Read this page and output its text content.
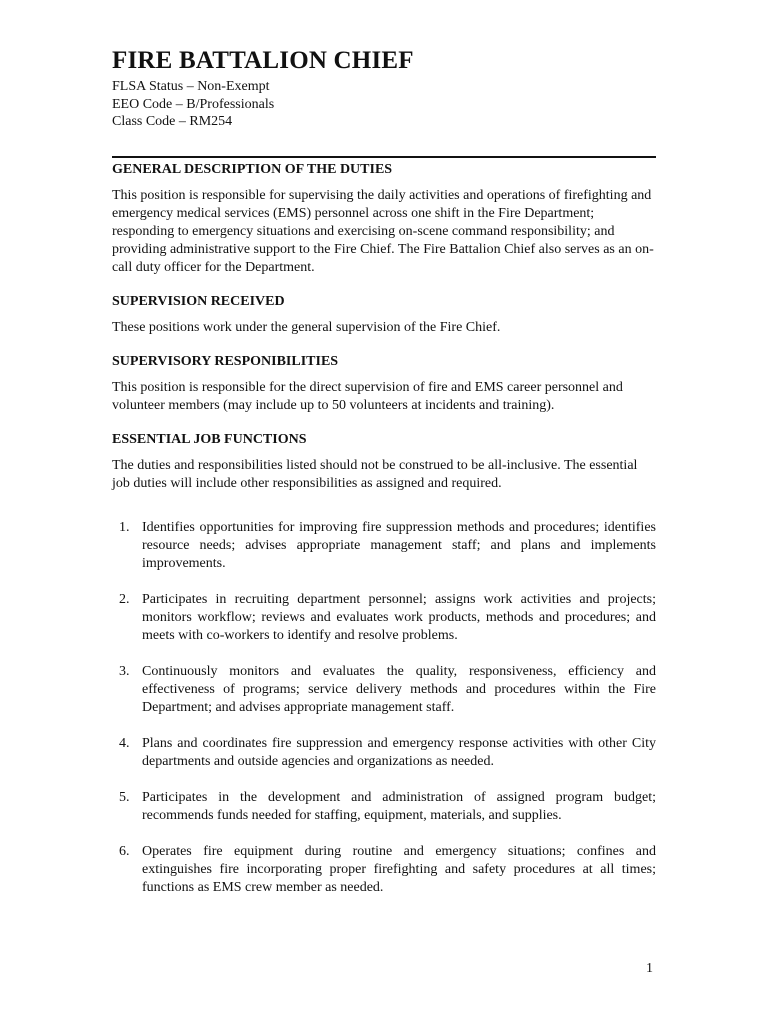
FIRE BATTALION CHIEF

FLSA Status – Non-Exempt

EEO Code – B/Professionals

Class Code – RM254

GENERAL DESCRIPTION OF THE DUTIES

This position is responsible for supervising the daily activities and operations of firefighting and emergency medical services (EMS) personnel across one shift in the Fire Department; responding to emergency situations and exercising on-scene command responsibility; and providing administrative support to the Fire Chief. The Fire Battalion Chief also serves as an on- call duty officer for the Department.

SUPERVISION RECEIVED

These positions work under the general supervision of the Fire Chief.

SUPERVISORY RESPONIBILITIES

This position is responsible for the direct supervision of fire and EMS career personnel and volunteer members (may include up to 50 volunteers at incidents and training).

ESSENTIAL JOB FUNCTIONS

The duties and responsibilities listed should not be construed to be all-inclusive. The essential job duties will include other responsibilities as assigned and required.

1. Identifies opportunities for improving fire suppression methods and procedures; identifies resource needs; advises appropriate management staff; and plans and implements improvements.
2. Participates in recruiting department personnel; assigns work activities and projects; monitors workflow; reviews and evaluates work products, methods and procedures; and meets with co-workers to identify and resolve problems.
3. Continuously monitors and evaluates the quality, responsiveness, efficiency and effectiveness of programs; service delivery methods and procedures within the Fire Department; and advises appropriate management staff.
4. Plans and coordinates fire suppression and emergency response activities with other City departments and outside agencies and organizations as needed.
5. Participates in the development and administration of assigned program budget; recommends funds needed for staffing, equipment, materials, and supplies.
6. Operates fire equipment during routine and emergency situations; confines and extinguishes fire incorporating proper firefighting and safety procedures at all times; functions as EMS crew member as needed.
1
